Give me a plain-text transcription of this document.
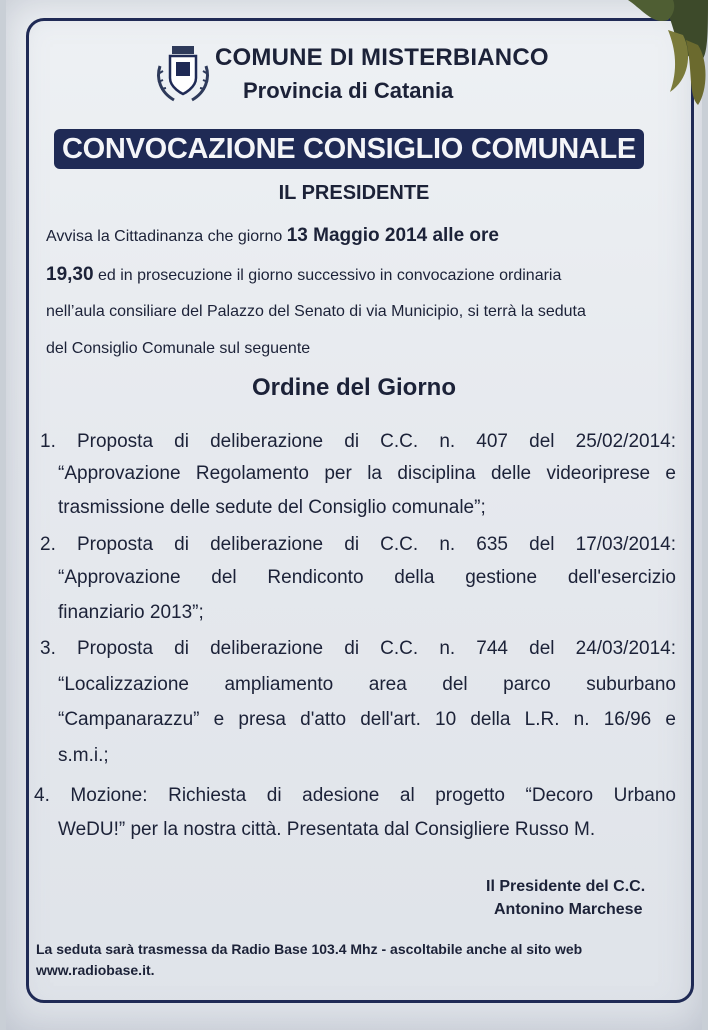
COMUNE DI MISTERBIANCO
Provincia di Catania
CONVOCAZIONE CONSIGLIO COMUNALE
IL PRESIDENTE
Avvisa la Cittadinanza che giorno 13 Maggio 2014 alle ore
19,30 ed in prosecuzione il giorno successivo in convocazione ordinaria
nell’aula consiliare del Palazzo del Senato di via Municipio, si terrà la seduta
del Consiglio Comunale sul seguente
Ordine del Giorno
1. Proposta di deliberazione di C.C. n. 407 del 25/02/2014:
“Approvazione Regolamento per la disciplina delle videoriprese e
trasmissione delle sedute del Consiglio comunale”;
2. Proposta di deliberazione di C.C. n. 635 del 17/03/2014:
“Approvazione del Rendiconto della gestione dell'esercizio
finanziario 2013”;
3. Proposta di deliberazione di C.C. n. 744 del 24/03/2014:
“Localizzazione ampliamento area del parco suburbano
“Campanarazzu” e presa d'atto dell'art. 10 della L.R. n. 16/96 e
s.m.i.;
4. Mozione: Richiesta di adesione al progetto “Decoro Urbano
WeDU!” per la nostra città. Presentata dal Consigliere Russo M.
Il Presidente del C.C.
Antonino Marchese
La seduta sarà trasmessa da Radio Base 103.4 Mhz - ascoltabile anche al sito web
www.radiobase.it.
